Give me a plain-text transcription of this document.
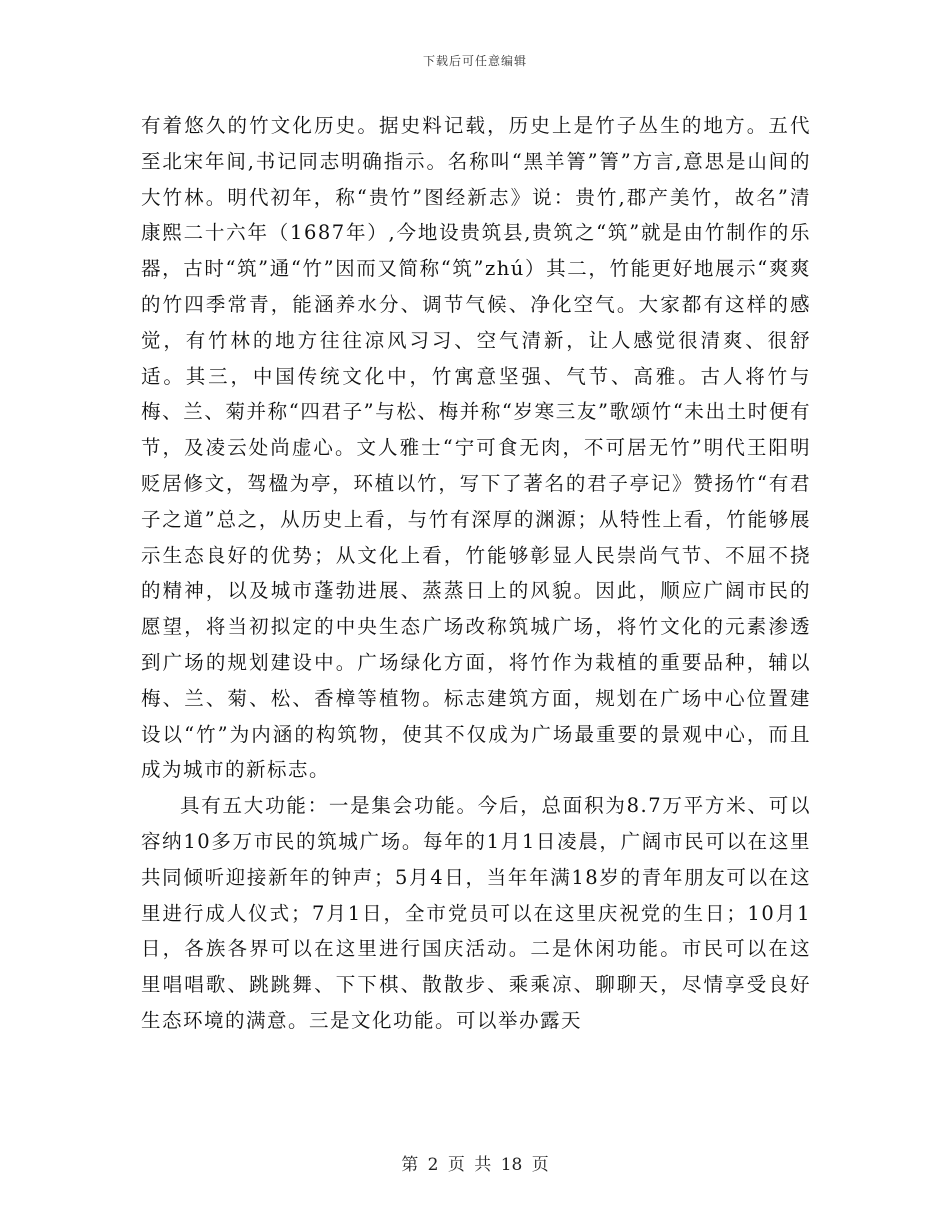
下载后可任意编辑

有着悠久的竹文化历史。据史料记载，历史上是竹子丛生的地方。五代至北宋年间,书记同志明确指示。名称叫“黑羊箐”箐”方言,意思是山间的大竹林。明代初年，称“贵竹”图经新志》说：贵竹,郡产美竹，故名”清康熙二十六年（1687年）,今地设贵筑县,贵筑之“筑”就是由竹制作的乐器，古时“筑”通“竹”因而又简称“筑”zhú）其二，竹能更好地展示“爽爽的竹四季常青，能涵养水分、调节气候、净化空气。大家都有这样的感觉，有竹林的地方往往凉风习习、空气清新，让人感觉很清爽、很舒适。其三，中国传统文化中，竹寓意坚强、气节、高雅。古人将竹与梅、兰、菊并称“四君子”与松、梅并称“岁寒三友”歌颂竹“未出土时便有节，及凌云处尚虚心。文人雅士“宁可食无肉，不可居无竹”明代王阳明贬居修文，驾楹为亭，环植以竹，写下了著名的君子亭记》赞扬竹“有君子之道”总之，从历史上看，与竹有深厚的渊源；从特性上看，竹能够展示生态良好的优势；从文化上看，竹能够彰显人民崇尚气节、不屈不挠的精神，以及城市蓬勃进展、蒸蒸日上的风貌。因此，顺应广阔市民的愿望，将当初拟定的中央生态广场改称筑城广场，将竹文化的元素渗透到广场的规划建设中。广场绿化方面，将竹作为栽植的重要品种，辅以梅、兰、菊、松、香樟等植物。标志建筑方面，规划在广场中心位置建设以“竹”为内涵的构筑物，使其不仅成为广场最重要的景观中心，而且成为城市的新标志。

具有五大功能：一是集会功能。今后，总面积为8.7万平方米、可以容纳10多万市民的筑城广场。每年的1月1日凌晨，广阔市民可以在这里共同倾听迎接新年的钟声；5月4日，当年年满18岁的青年朋友可以在这里进行成人仪式；7月1日，全市党员可以在这里庆祝党的生日；10月1日，各族各界可以在这里进行国庆活动。二是休闲功能。市民可以在这里唱唱歌、跳跳舞、下下棋、散散步、乘乘凉、聊聊天，尽情享受良好生态环境的满意。三是文化功能。可以举办露天

第 2 页 共 18 页
